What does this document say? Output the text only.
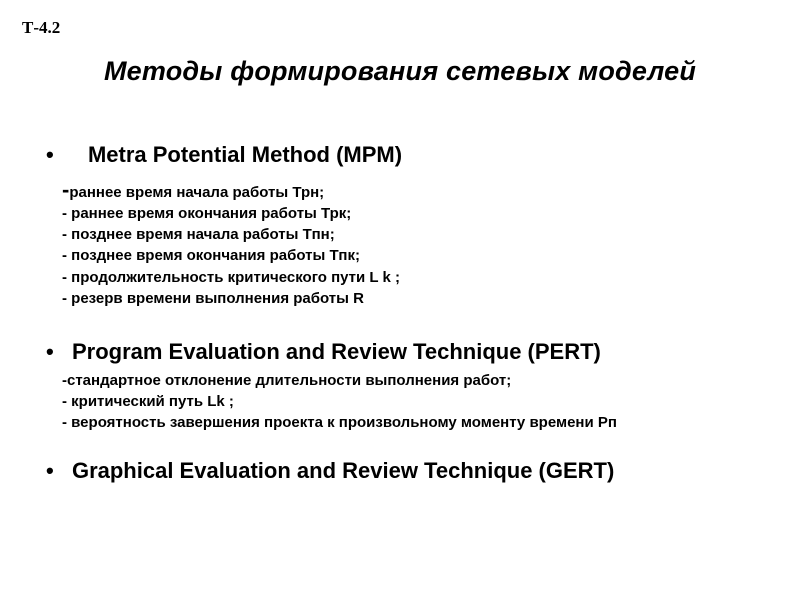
Т-4.2
Методы формирования сетевых моделей
• Metra Potential Method (MPM)
-раннее время начала работы Трн;
- раннее время окончания работы Трк;
- позднее время начала работы Тпн;
- позднее время окончания работы Тпк;
- продолжительность критического пути L k ;
- резерв времени выполнения работы R
• Program Evaluation and Review Technique (PERT)
-стандартное отклонение длительности выполнения работ;
- критический путь Lk ;
- вероятность завершения проекта к произвольному моменту времени Рп
• Graphical Evaluation and Review Technique (GERT)
